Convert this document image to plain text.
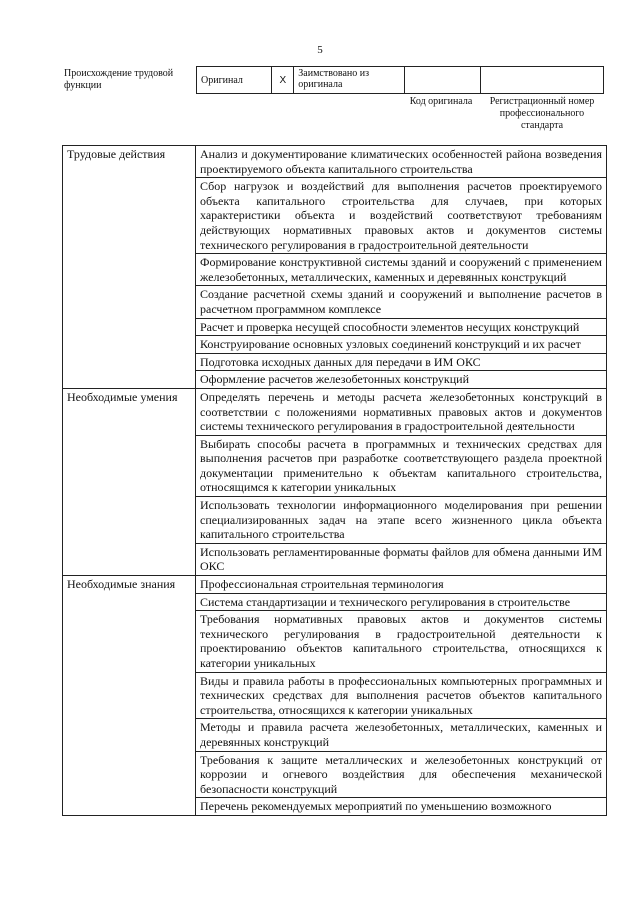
5
Происхождение трудовой функции	Оригинал	X	Заимствовано из оригинала		
Код оригинала	Регистрационный номер профессионального стандарта
Трудовые действия	Анализ и документирование климатических особенностей района возведения проектируемого объекта капитального строительства
	Сбор нагрузок и воздействий для выполнения расчетов проектируемого объекта капитального строительства для случаев, при которых характеристики объекта и воздействий соответствуют требованиям действующих нормативных правовых актов и документов системы технического регулирования в градостроительной деятельности
	Формирование конструктивной системы зданий и сооружений с применением железобетонных, металлических, каменных и деревянных конструкций
	Создание расчетной схемы зданий и сооружений и выполнение расчетов в расчетном программном комплексе
	Расчет и проверка несущей способности элементов несущих конструкций
	Конструирование основных узловых соединений конструкций и их расчет
	Подготовка исходных данных для передачи в ИМ ОКС
	Оформление расчетов железобетонных конструкций
Необходимые умения	Определять перечень и методы расчета железобетонных конструкций в соответствии с положениями нормативных правовых актов и документов системы технического регулирования в градостроительной деятельности
	Выбирать способы расчета в программных и технических средствах для выполнения расчетов при разработке соответствующего раздела проектной документации применительно к объектам капитального строительства, относящимся к категории уникальных
	Использовать технологии информационного моделирования при решении специализированных задач на этапе всего жизненного цикла объекта капитального строительства
	Использовать регламентированные форматы файлов для обмена данными ИМ ОКС
Необходимые знания	Профессиональная строительная терминология
	Система стандартизации и технического регулирования в строительстве
	Требования нормативных правовых актов и документов системы технического регулирования в градостроительной деятельности к проектированию объектов капитального строительства, относящихся к категории уникальных
	Виды и правила работы в профессиональных компьютерных программных и технических средствах для выполнения расчетов объектов капитального строительства, относящихся к категории уникальных
	Методы и правила расчета железобетонных, металлических, каменных и деревянных конструкций
	Требования к защите металлических и железобетонных конструкций от коррозии и огневого воздействия для обеспечения механической безопасности конструкций
	Перечень рекомендуемых мероприятий по уменьшению возможного
